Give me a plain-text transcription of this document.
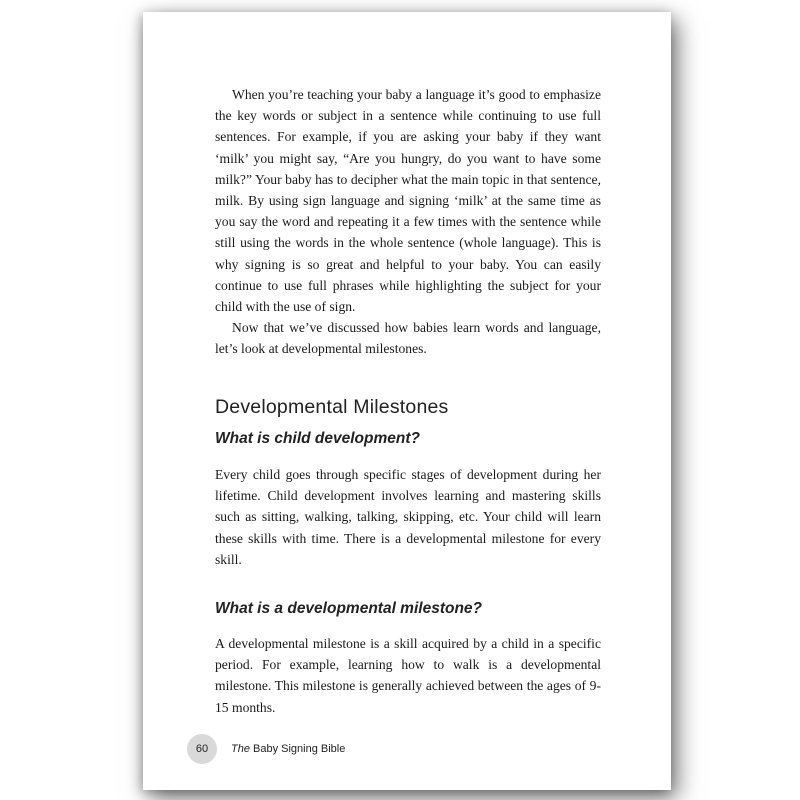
When you’re teaching your baby a language it’s good to emphasize the key words or subject in a sentence while continuing to use full sentences. For example, if you are asking your baby if they want ‘milk’ you might say, “Are you hungry, do you want to have some milk?” Your baby has to decipher what the main topic in that sentence, milk. By using sign language and signing ‘milk’ at the same time as you say the word and repeating it a few times with the sentence while still using the words in the whole sentence (whole language). This is why signing is so great and helpful to your baby. You can easily continue to use full phrases while highlighting the subject for your child with the use of sign.

Now that we’ve discussed how babies learn words and language, let’s look at developmental milestones.

Developmental Milestones
What is child development?

Every child goes through specific stages of development during her lifetime. Child development involves learning and mastering skills such as sitting, walking, talking, skipping, etc. Your child will learn these skills with time. There is a developmental milestone for every skill.

What is a developmental milestone?

A developmental milestone is a skill acquired by a child in a specific period. For example, learning how to walk is a developmental milestone. This milestone is generally achieved between the ages of 9-15 months.

60 The Baby Signing Bible
